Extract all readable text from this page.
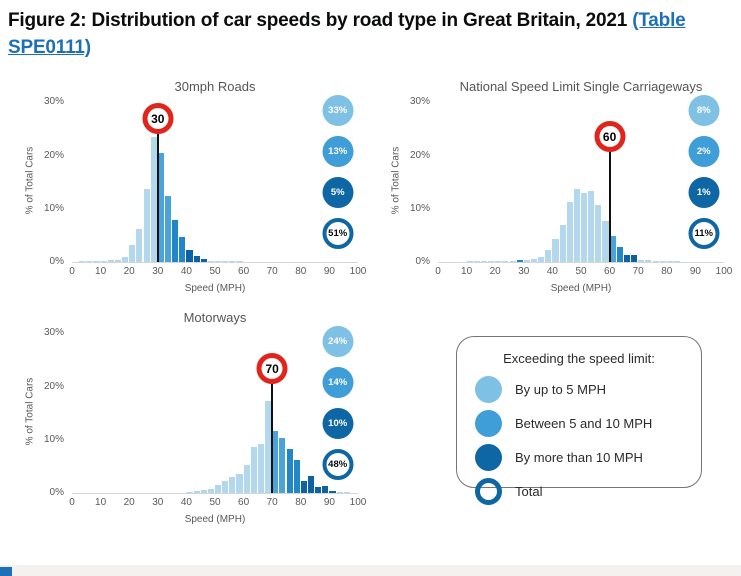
Figure 2: Distribution of car speeds by road type in Great Britain, 2021 (Table SPE0111)
30mph Roads
% of Total Cars
0%
10%
20%
30%
30
33%
13%
5%
51%
0 10 20 30 40 50 60 70 80 90 100
Speed (MPH)
National Speed Limit Single Carriageways
% of Total Cars
0%
10%
20%
30%
60
8%
2%
1%
11%
0 10 20 30 40 50 60 70 80 90 100
Speed (MPH)
Motorways
% of Total Cars
0%
10%
20%
30%
70
24%
14%
10%
48%
0 10 20 30 40 50 60 70 80 90 100
Speed (MPH)
Exceeding the speed limit:
By up to 5 MPH
Between 5 and 10 MPH
By more than 10 MPH
Total
